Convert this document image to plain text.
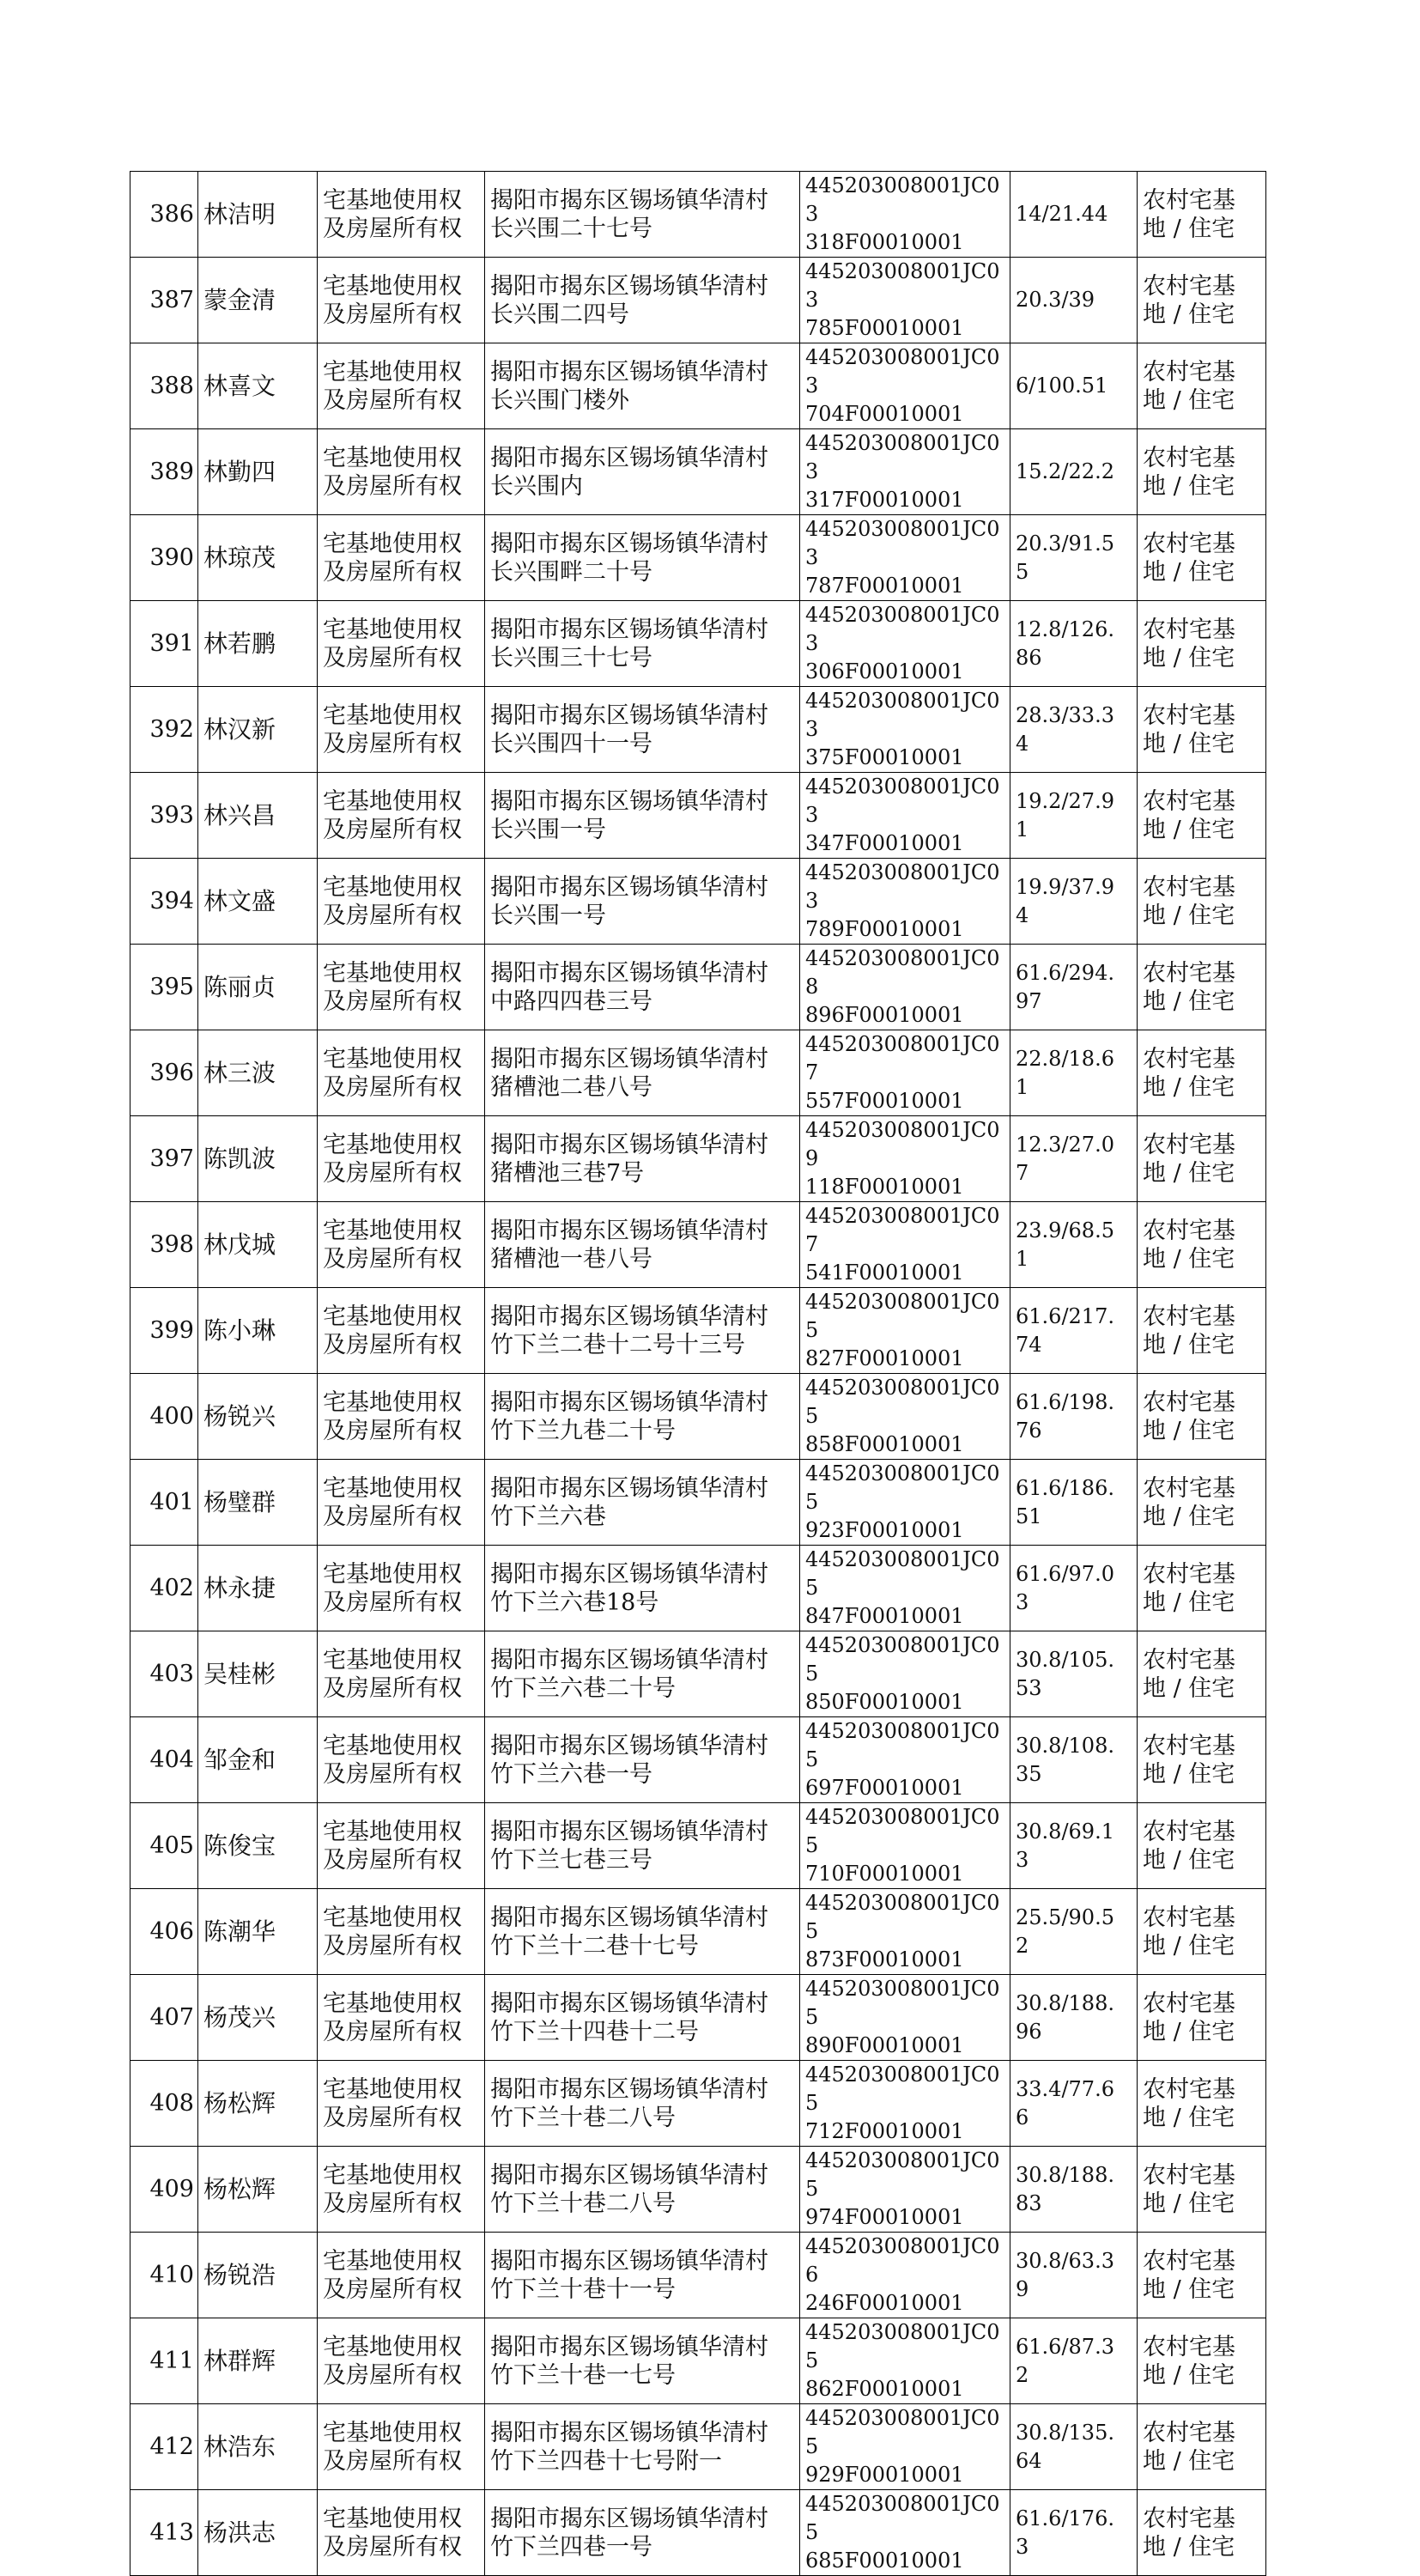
386	林洁明	宅基地使用权
及房屋所有权	揭阳市揭东区锡场镇华清村
长兴围二十七号	445203008001JC03
318F00010001	14/21.44	农村宅基
地 / 住宅

387	蒙金清	宅基地使用权
及房屋所有权	揭阳市揭东区锡场镇华清村
长兴围二四号	445203008001JC03
785F00010001	20.3/39	农村宅基
地 / 住宅

388	林喜文	宅基地使用权
及房屋所有权	揭阳市揭东区锡场镇华清村
长兴围门楼外	445203008001JC03
704F00010001	6/100.51	农村宅基
地 / 住宅

389	林勤四	宅基地使用权
及房屋所有权	揭阳市揭东区锡场镇华清村
长兴围内	445203008001JC03
317F00010001	15.2/22.2	农村宅基
地 / 住宅

390	林琼茂	宅基地使用权
及房屋所有权	揭阳市揭东区锡场镇华清村
长兴围畔二十号	445203008001JC03
787F00010001	20.3/91.5
5	农村宅基
地 / 住宅

391	林若鹏	宅基地使用权
及房屋所有权	揭阳市揭东区锡场镇华清村
长兴围三十七号	445203008001JC03
306F00010001	12.8/126.
86	农村宅基
地 / 住宅

392	林汉新	宅基地使用权
及房屋所有权	揭阳市揭东区锡场镇华清村
长兴围四十一号	445203008001JC03
375F00010001	28.3/33.3
4	农村宅基
地 / 住宅

393	林兴昌	宅基地使用权
及房屋所有权	揭阳市揭东区锡场镇华清村
长兴围一号	445203008001JC03
347F00010001	19.2/27.9
1	农村宅基
地 / 住宅

394	林文盛	宅基地使用权
及房屋所有权	揭阳市揭东区锡场镇华清村
长兴围一号	445203008001JC03
789F00010001	19.9/37.9
4	农村宅基
地 / 住宅

395	陈丽贞	宅基地使用权
及房屋所有权	揭阳市揭东区锡场镇华清村
中路四四巷三号	445203008001JC08
896F00010001	61.6/294.
97	农村宅基
地 / 住宅

396	林三波	宅基地使用权
及房屋所有权	揭阳市揭东区锡场镇华清村
猪槽池二巷八号	445203008001JC07
557F00010001	22.8/18.6
1	农村宅基
地 / 住宅

397	陈凯波	宅基地使用权
及房屋所有权	揭阳市揭东区锡场镇华清村
猪槽池三巷7号	445203008001JC09
118F00010001	12.3/27.0
7	农村宅基
地 / 住宅

398	林戊城	宅基地使用权
及房屋所有权	揭阳市揭东区锡场镇华清村
猪槽池一巷八号	445203008001JC07
541F00010001	23.9/68.5
1	农村宅基
地 / 住宅

399	陈小琳	宅基地使用权
及房屋所有权	揭阳市揭东区锡场镇华清村
竹下兰二巷十二号十三号	445203008001JC05
827F00010001	61.6/217.
74	农村宅基
地 / 住宅

400	杨锐兴	宅基地使用权
及房屋所有权	揭阳市揭东区锡场镇华清村
竹下兰九巷二十号	445203008001JC05
858F00010001	61.6/198.
76	农村宅基
地 / 住宅

401	杨璧群	宅基地使用权
及房屋所有权	揭阳市揭东区锡场镇华清村
竹下兰六巷	445203008001JC05
923F00010001	61.6/186.
51	农村宅基
地 / 住宅

402	林永捷	宅基地使用权
及房屋所有权	揭阳市揭东区锡场镇华清村
竹下兰六巷18号	445203008001JC05
847F00010001	61.6/97.0
3	农村宅基
地 / 住宅

403	吴桂彬	宅基地使用权
及房屋所有权	揭阳市揭东区锡场镇华清村
竹下兰六巷二十号	445203008001JC05
850F00010001	30.8/105.
53	农村宅基
地 / 住宅

404	邹金和	宅基地使用权
及房屋所有权	揭阳市揭东区锡场镇华清村
竹下兰六巷一号	445203008001JC05
697F00010001	30.8/108.
35	农村宅基
地 / 住宅

405	陈俊宝	宅基地使用权
及房屋所有权	揭阳市揭东区锡场镇华清村
竹下兰七巷三号	445203008001JC05
710F00010001	30.8/69.1
3	农村宅基
地 / 住宅

406	陈潮华	宅基地使用权
及房屋所有权	揭阳市揭东区锡场镇华清村
竹下兰十二巷十七号	445203008001JC05
873F00010001	25.5/90.5
2	农村宅基
地 / 住宅

407	杨茂兴	宅基地使用权
及房屋所有权	揭阳市揭东区锡场镇华清村
竹下兰十四巷十二号	445203008001JC05
890F00010001	30.8/188.
96	农村宅基
地 / 住宅

408	杨松辉	宅基地使用权
及房屋所有权	揭阳市揭东区锡场镇华清村
竹下兰十巷二八号	445203008001JC05
712F00010001	33.4/77.6
6	农村宅基
地 / 住宅

409	杨松辉	宅基地使用权
及房屋所有权	揭阳市揭东区锡场镇华清村
竹下兰十巷二八号	445203008001JC05
974F00010001	30.8/188.
83	农村宅基
地 / 住宅

410	杨锐浩	宅基地使用权
及房屋所有权	揭阳市揭东区锡场镇华清村
竹下兰十巷十一号	445203008001JC06
246F00010001	30.8/63.3
9	农村宅基
地 / 住宅

411	林群辉	宅基地使用权
及房屋所有权	揭阳市揭东区锡场镇华清村
竹下兰十巷一七号	445203008001JC05
862F00010001	61.6/87.3
2	农村宅基
地 / 住宅

412	林浩东	宅基地使用权
及房屋所有权	揭阳市揭东区锡场镇华清村
竹下兰四巷十七号附一	445203008001JC05
929F00010001	30.8/135.
64	农村宅基
地 / 住宅

413	杨洪志	宅基地使用权
及房屋所有权	揭阳市揭东区锡场镇华清村
竹下兰四巷一号	445203008001JC05
685F00010001	61.6/176.
3	农村宅基
地 / 住宅
